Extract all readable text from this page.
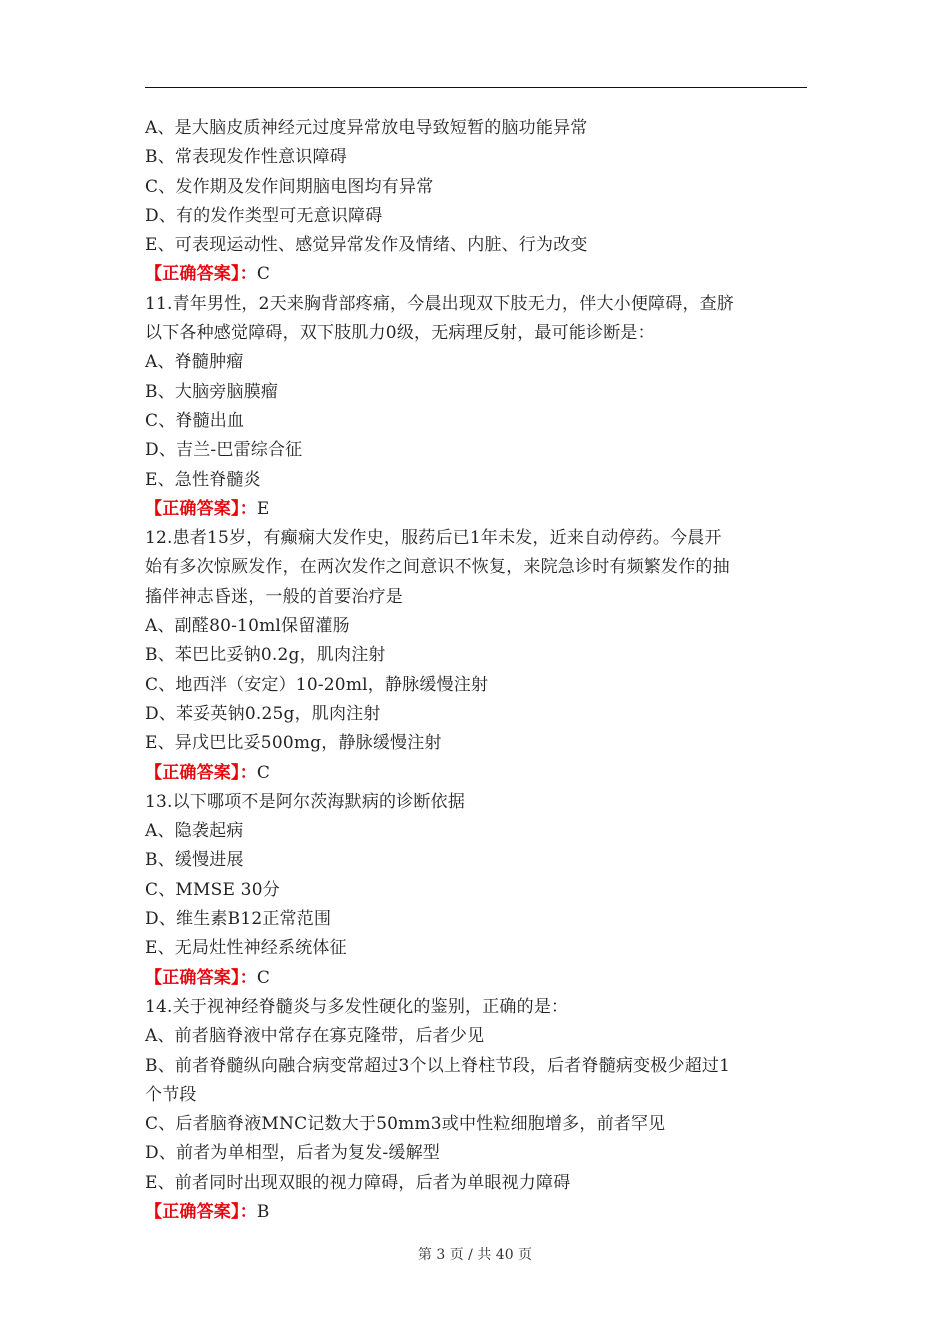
A、是大脑皮质神经元过度异常放电导致短暂的脑功能异常
B、常表现发作性意识障碍
C、发作期及发作间期脑电图均有异常
D、有的发作类型可无意识障碍
E、可表现运动性、感觉异常发作及情绪、内脏、行为改变
【正确答案】：C
11.青年男性，2天来胸背部疼痛，今晨出现双下肢无力，伴大小便障碍，查脐
以下各种感觉障碍，双下肢肌力0级，无病理反射，最可能诊断是：
A、脊髓肿瘤
B、大脑旁脑膜瘤
C、脊髓出血
D、吉兰-巴雷综合征
E、急性脊髓炎
【正确答案】：E
12.患者15岁，有癫痫大发作史，服药后已1年未发，近来自动停药。今晨开
始有多次惊厥发作，在两次发作之间意识不恢复，来院急诊时有频繁发作的抽
搐伴神志昏迷，一般的首要治疗是
A、副醛80-10ml保留灌肠
B、苯巴比妥钠0.2g，肌肉注射
C、地西泮（安定）10-20ml，静脉缓慢注射
D、苯妥英钠0.25g，肌肉注射
E、异戊巴比妥500mg，静脉缓慢注射
【正确答案】：C
13.以下哪项不是阿尔茨海默病的诊断依据
A、隐袭起病
B、缓慢进展
C、MMSE 30分
D、维生素B12正常范围
E、无局灶性神经系统体征
【正确答案】：C
14.关于视神经脊髓炎与多发性硬化的鉴别，正确的是：
A、前者脑脊液中常存在寡克隆带，后者少见
B、前者脊髓纵向融合病变常超过3个以上脊柱节段，后者脊髓病变极少超过1
个节段
C、后者脑脊液MNC记数大于50mm3或中性粒细胞增多，前者罕见
D、前者为单相型，后者为复发-缓解型
E、前者同时出现双眼的视力障碍，后者为单眼视力障碍
【正确答案】：B
第 3 页 / 共 40 页
